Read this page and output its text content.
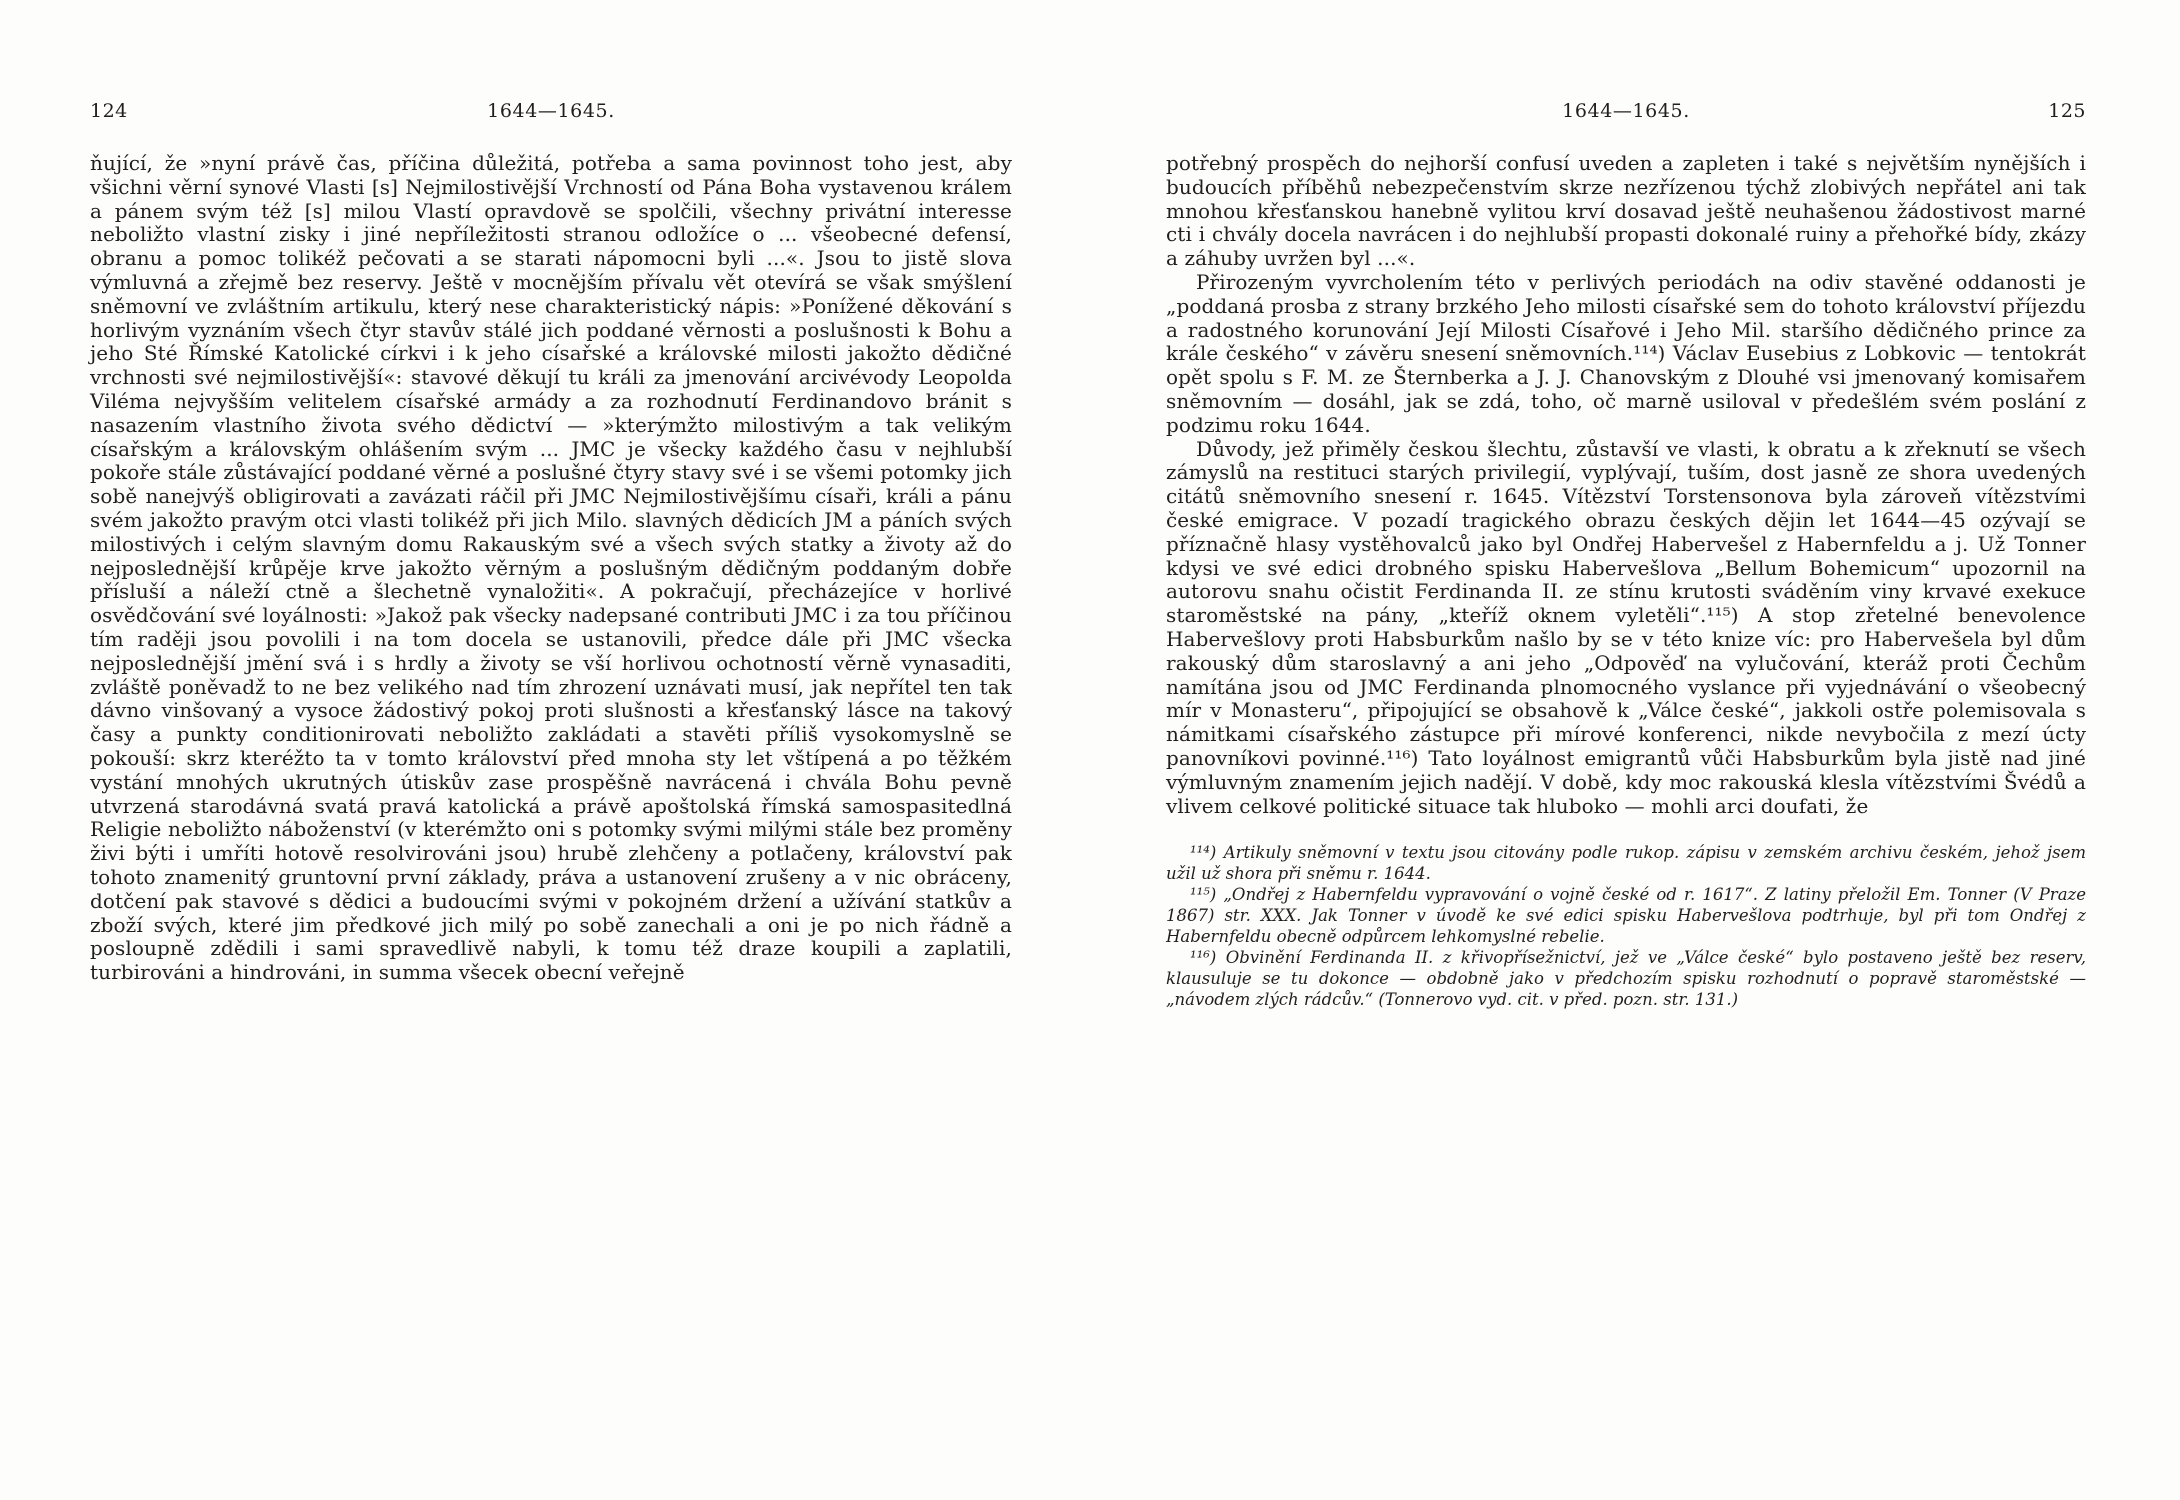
124	1644—1645.

ňující, že »nyní právě čas, příčina důležitá, potřeba a sama povinnost toho jest, aby všichni věrní synové Vlasti [s] Nejmilostivější Vrchností od Pána Boha vystavenou králem a pánem svým též [s] milou Vlastí opravdově se spolčili, všechny privátní interesse neboližto vlastní zisky i jiné nepříležitosti stranou odložíce o ... všeobecné defensí, obranu a pomoc tolikéž pečovati a se starati nápomocni byli ...«. Jsou to jistě slova výmluvná a zřejmě bez reservy. Ještě v mocnějším přívalu vět otevírá se však smýšlení sněmovní ve zvláštním artikulu, který nese charakteristický nápis: »Ponížené děkování s horlivým vyznáním všech čtyr stavův stálé jich poddané věrnosti a poslušnosti k Bohu a jeho Sté Římské Katolické církvi i k jeho císařské a královské milosti jakožto dědičné vrchnosti své nejmilostivější«: stavové děkují tu králi za jmenování arcivévody Leopolda Viléma nejvyšším velitelem císařské armády a za rozhodnutí Ferdinandovo bránit s nasazením vlastního života svého dědictví — »kterýmžto milostivým a tak velikým císařským a královským ohlášením svým ... JMC je všecky každého času v nejhlubší pokoře stále zůstávající poddané věrné a poslušné čtyry stavy své i se všemi potomky jich sobě nanejvýš obligirovati a zavázati ráčil při JMC Nejmilostivějšímu císaři, králi a pánu svém jakožto pravým otci vlasti tolikéž při jich Milo. slavných dědicích JM a páních svých milostivých i celým slavným domu Rakauským své a všech svých statky a životy až do nejposlednější krůpěje krve jakožto věrným a poslušným dědičným poddaným dobře přísluší a náleží ctně a šlechetně vynaložiti«. A pokračují, přecházejíce v horlivé osvědčování své loyálnosti: »Jakož pak všecky nadepsané contributi JMC i za tou příčinou tím raději jsou povolili i na tom docela se ustanovili, předce dále při JMC všecka nejposlednější jmění svá i s hrdly a životy se vší horlivou ochotností věrně vynasaditi, zvláště poněvadž to ne bez velikého nad tím zhrození uznávati musí, jak nepřítel ten tak dávno vinšovaný a vysoce žádostivý pokoj proti slušnosti a křesťanský lásce na takový časy a punkty conditionirovati neboližto zakládati a stavěti příliš vysokomyslně se pokouší: skrz kteréžto ta v tomto království před mnoha sty let vštípená a po těžkém vystání mnohých ukrutných útiskův zase prospěšně navrácená i chvála Bohu pevně utvrzená starodávná svatá pravá katolická a právě apoštolská římská samospasitedlná Religie neboližto náboženství (v kterémžto oni s potomky svými milými stále bez proměny živi býti i umříti hotově resolvirováni jsou) hrubě zlehčeny a potlačeny, království pak tohoto znamenitý gruntovní první základy, práva a ustanovení zrušeny a v nic obráceny, dotčení pak stavové s dědici a budoucími svými v pokojném držení a užívání statkův a zboží svých, které jim předkové jich milý po sobě zanechali a oni je po nich řádně a posloupně zdědili i sami spravedlivě nabyli, k tomu též draze koupili a zaplatili, turbirováni a hindrováni, in summa všecek obecní veřejně

1644—1645.	125

potřebný prospěch do nejhorší confusí uveden a zapleten i také s největším nynějších i budoucích příběhů nebezpečenstvím skrze nezřízenou týchž zlobivých nepřátel ani tak mnohou křesťanskou hanebně vylitou krví dosavad ještě neuhašenou žádostivost marné cti i chvály docela navrácen i do nejhlubší propasti dokonalé ruiny a přehořké bídy, zkázy a záhuby uvržen byl ...«.

Přirozeným vyvrcholením této v perlivých periodách na odiv stavěné oddanosti je „poddaná prosba z strany brzkého Jeho milosti císařské sem do tohoto království příjezdu a radostného korunování Její Milosti Císařové i Jeho Mil. staršího dědičného prince za krále českého“ v závěru snesení sněmovních.¹¹⁴) Václav Eusebius z Lobkovic — tentokrát opět spolu s F. M. ze Šternberka a J. J. Chanovským z Dlouhé vsi jmenovaný komisařem sněmovním — dosáhl, jak se zdá, toho, oč marně usiloval v předešlém svém poslání z podzimu roku 1644.

Důvody, jež přiměly českou šlechtu, zůstavší ve vlasti, k obratu a k zřeknutí se všech zámyslů na restituci starých privilegií, vyplývají, tuším, dost jasně ze shora uvedených citátů sněmovního snesení r. 1645. Vítězství Torstensonova byla zároveň vítězstvími české emigrace. V pozadí tragického obrazu českých dějin let 1644—45 ozývají se příznačně hlasy vystěhovalců jako byl Ondřej Habervešel z Habernfeldu a j. Už Tonner kdysi ve své edici drobného spisku Habervešlova „Bellum Bohemicum“ upozornil na autorovu snahu očistit Ferdinanda II. ze stínu krutosti sváděním viny krvavé exekuce staroměstské na pány, „kteříž oknem vyletěli“.¹¹⁵) A stop zřetelné benevolence Habervešlovy proti Habsburkům našlo by se v této knize víc: pro Habervešela byl dům rakouský dům staroslavný a ani jeho „Odpověď na vylučování, kteráž proti Čechům namítána jsou od JMC Ferdinanda plnomocného vyslance při vyjednávání o všeobecný mír v Monasteru“, připojující se obsahově k „Válce české“, jakkoli ostře polemisovala s námitkami císařského zástupce při mírové konferenci, nikde nevybočila z mezí úcty panovníkovi povinné.¹¹⁶) Tato loyálnost emigrantů vůči Habsburkům byla jistě nad jiné výmluvným znamením jejich nadějí. V době, kdy moc rakouská klesla vítězstvími Švédů a vlivem celkové politické situace tak hluboko — mohli arci doufati, že

¹¹⁴) Artikuly sněmovní v textu jsou citovány podle rukop. zápisu v zemském archivu českém, jehož jsem užil už shora při sněmu r. 1644.

¹¹⁵) „Ondřej z Habernfeldu vypravování o vojně české od r. 1617“. Z latiny přeložil Em. Tonner (V Praze 1867) str. XXX. Jak Tonner v úvodě ke své edici spisku Habervešlova podtrhuje, byl při tom Ondřej z Habernfeldu obecně odpůrcem lehkomyslné rebelie.

¹¹⁶) Obvinění Ferdinanda II. z křivopřísežnictví, jež ve „Válce české“ bylo postaveno ještě bez reserv, klausuluje se tu dokonce — obdobně jako v předchozím spisku rozhodnutí o popravě staroměstské — „návodem zlých rádcův.“ (Tonnerovo vyd. cit. v před. pozn. str. 131.)
